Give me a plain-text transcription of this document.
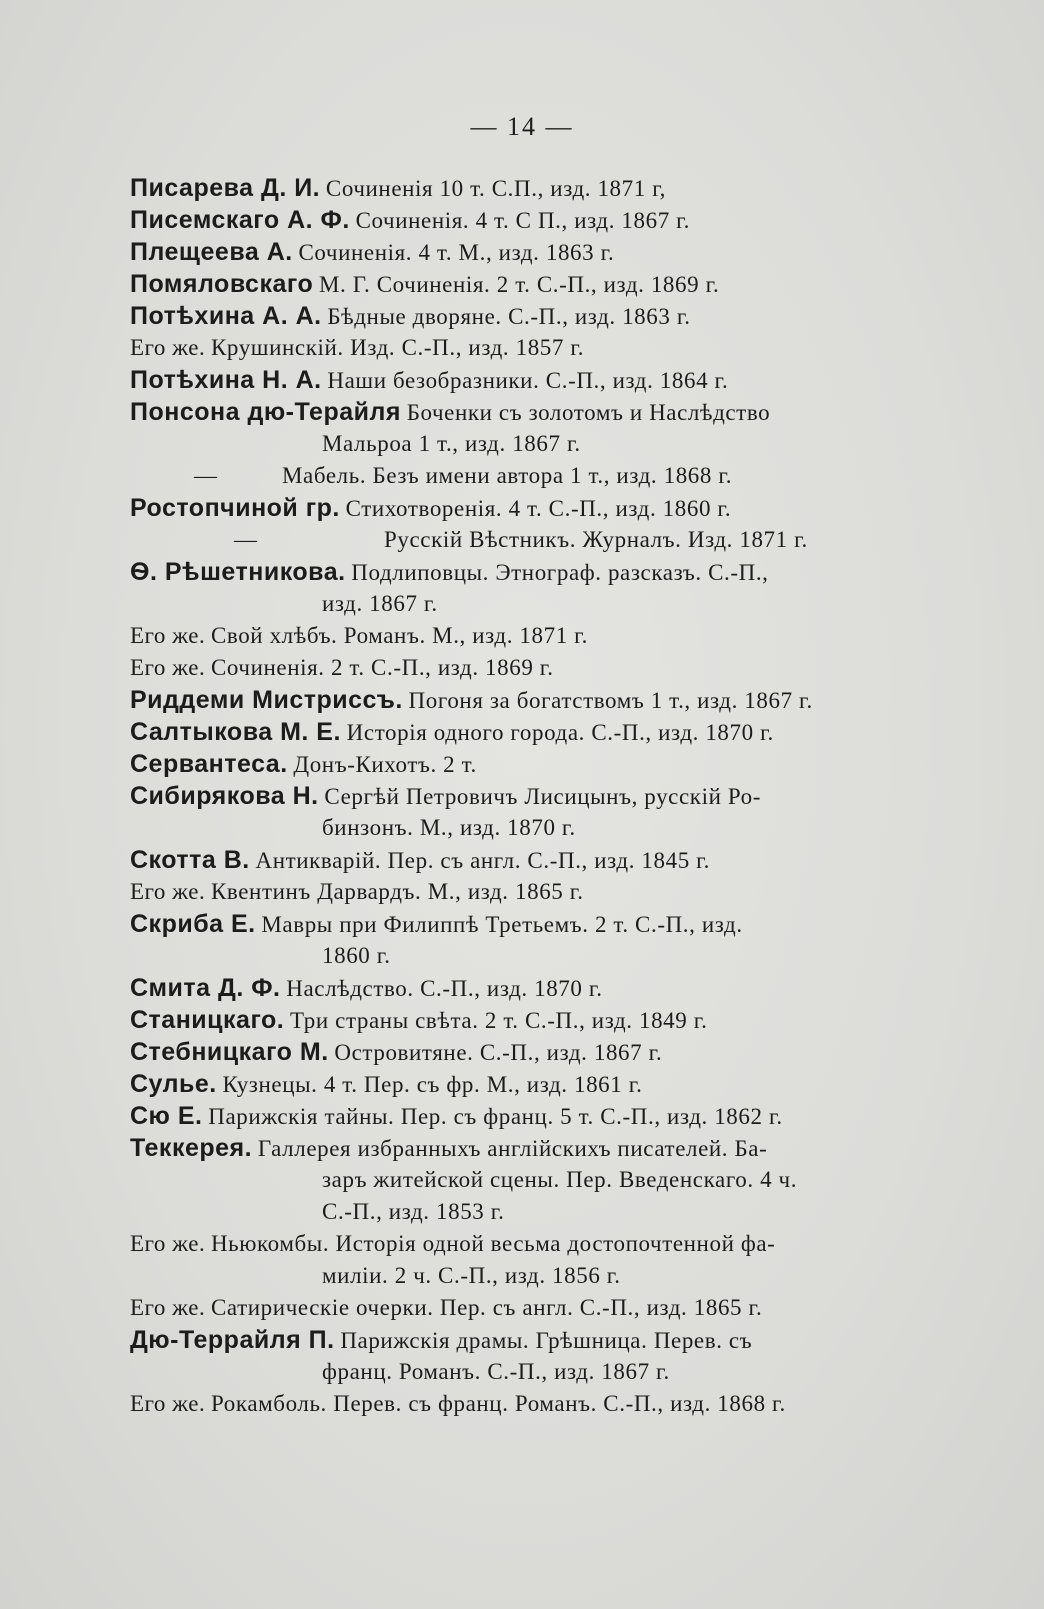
— 14 —
Писарева Д. И. Сочиненія 10 т. С.П., изд. 1871 г,
Писемскаго А. Ф. Сочиненія. 4 т. С П., изд. 1867 г.
Плещеева А. Сочиненія. 4 т. М., изд. 1863 г.
Помяловскаго М. Г. Сочиненія. 2 т. С.-П., изд. 1869 г.
Потѣхина А. А. Бѣдные дворяне. С.-П., изд. 1863 г.
Его же. Крушинскій. Изд. С.-П., изд. 1857 г.
Потѣхина Н. А. Наши безобразники. С.-П., изд. 1864 г.
Понсона дю-Терайля Боченки съ золотомъ и Наслѣдство
Мальроа 1 т., изд. 1867 г.
—	Мабель. Безъ имени автора 1 т., изд. 1868 г.
Ростопчиной гр. Стихотворенія. 4 т. С.-П., изд. 1860 г.
—	Русскій Вѣстникъ. Журналъ. Изд. 1871 г.
Ѳ. Рѣшетникова. Подлиповцы. Этнограф. разсказъ. С.-П.,
изд. 1867 г.
Его же. Свой хлѣбъ. Романъ. М., изд. 1871 г.
Его же. Сочиненія. 2 т. С.-П., изд. 1869 г.
Риддеми Мистриссъ. Погоня за богатствомъ 1 т., изд. 1867 г.
Салтыкова М. Е. Исторія одного города. С.-П., изд. 1870 г.
Сервантеса. Донъ-Кихотъ. 2 т.
Сибирякова Н. Сергѣй Петровичъ Лисицынъ, русскій Ро-
бинзонъ. М., изд. 1870 г.
Скотта В. Антикварій. Пер. съ англ. С.-П., изд. 1845 г.
Его же. Квентинъ Дарвардъ. М., изд. 1865 г.
Скриба Е. Мавры при Филиппѣ Третьемъ. 2 т. С.-П., изд.
1860 г.
Смита Д. Ф. Наслѣдство. С.-П., изд. 1870 г.
Станицкаго. Три страны свѣта. 2 т. С.-П., изд. 1849 г.
Стебницкаго М. Островитяне. С.-П., изд. 1867 г.
Сулье. Кузнецы. 4 т. Пер. съ фр. М., изд. 1861 г.
Сю Е. Парижскія тайны. Пер. съ франц. 5 т. С.-П., изд. 1862 г.
Теккерея. Галлерея избранныхъ англійскихъ писателей. Ба-
заръ житейской сцены. Пер. Введенскаго. 4 ч.
С.-П., изд. 1853 г.
Его же. Ньюкомбы. Исторія одной весьма достопочтенной фа-
миліи. 2 ч. С.-П., изд. 1856 г.
Его же. Сатирическіе очерки. Пер. съ англ. С.-П., изд. 1865 г.
Дю-Террайля П. Парижскія драмы. Грѣшница. Перев. съ
франц. Романъ. С.-П., изд. 1867 г.
Его же. Рокамболь. Перев. съ франц. Романъ. С.-П., изд. 1868 г.
